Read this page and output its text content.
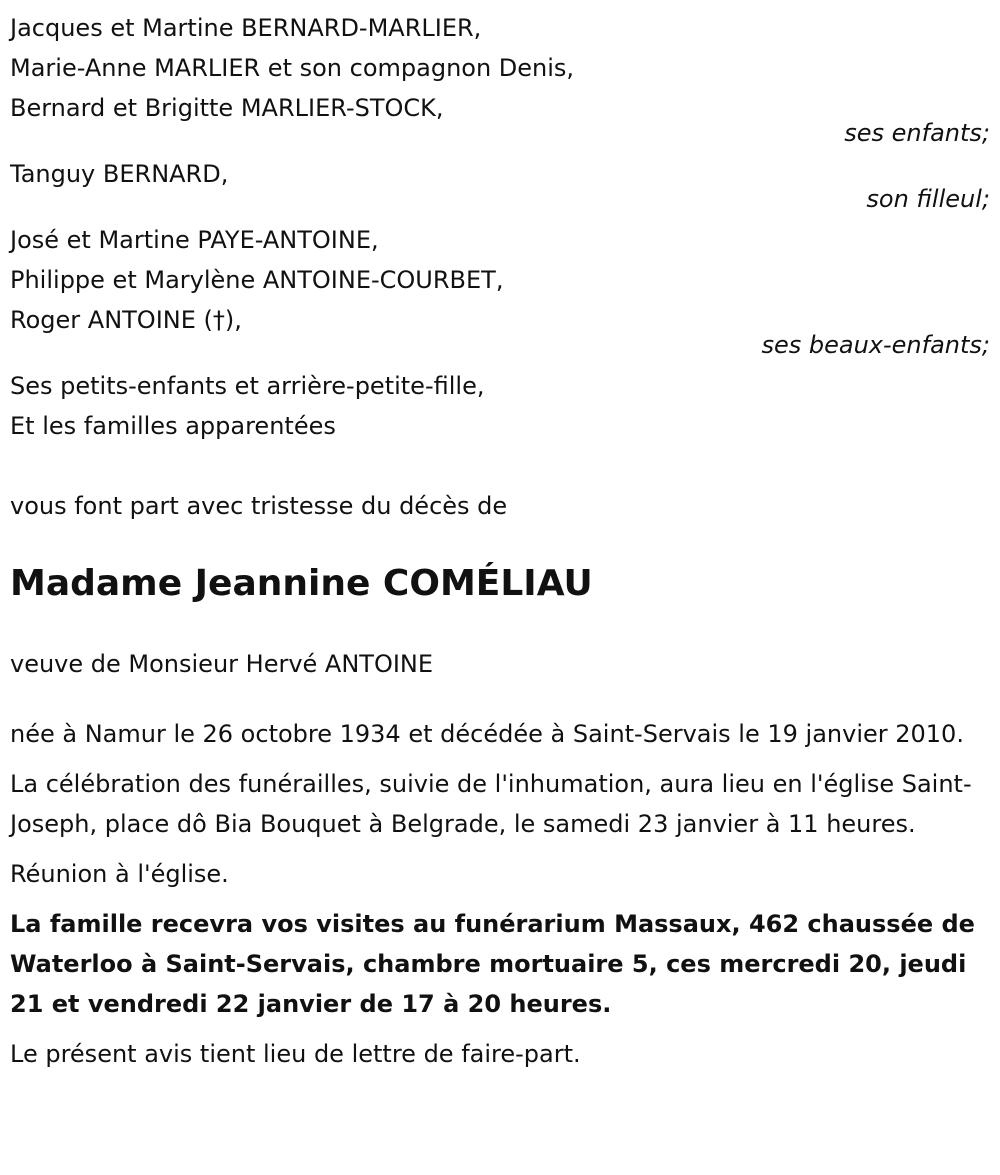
Jacques et Martine BERNARD-MARLIER,
Marie-Anne MARLIER et son compagnon Denis,
Bernard et Brigitte MARLIER-STOCK,
ses enfants;
Tanguy BERNARD,
son filleul;
José et Martine PAYE-ANTOINE,
Philippe et Marylène ANTOINE-COURBET,
Roger ANTOINE (†),
ses beaux-enfants;
Ses petits-enfants et arrière-petite-fille,
Et les familles apparentées
vous font part avec tristesse du décès de
Madame Jeannine COMÉLIAU
veuve de Monsieur Hervé ANTOINE
née à Namur le 26 octobre 1934 et décédée à Saint-Servais le 19 janvier 2010.
La célébration des funérailles, suivie de l'inhumation, aura lieu en l'église Saint-Joseph, place dô Bia Bouquet à Belgrade, le samedi 23 janvier à 11 heures.
Réunion à l'église.
La famille recevra vos visites au funérarium Massaux, 462 chaussée de Waterloo à Saint-Servais, chambre mortuaire 5, ces mercredi 20, jeudi 21 et vendredi 22 janvier de 17 à 20 heures.
Le présent avis tient lieu de lettre de faire-part.
